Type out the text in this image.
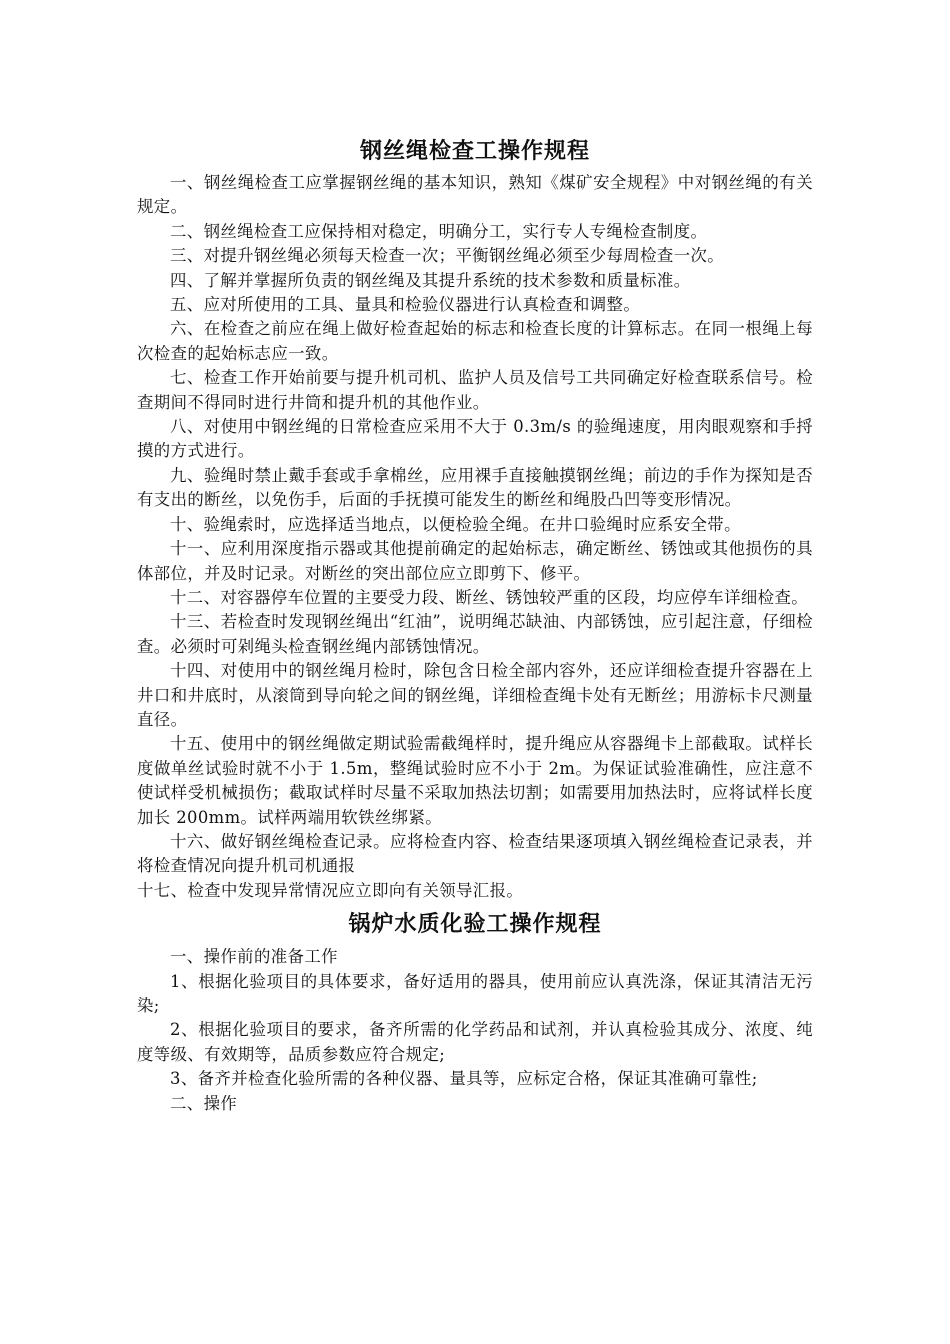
钢丝绳检查工操作规程

一、钢丝绳检查工应掌握钢丝绳的基本知识，熟知《煤矿安全规程》中对钢丝绳的有关规定。

二、钢丝绳检查工应保持相对稳定，明确分工，实行专人专绳检查制度。

三、对提升钢丝绳必须每天检查一次；平衡钢丝绳必须至少每周检查一次。

四、了解并掌握所负责的钢丝绳及其提升系统的技术参数和质量标准。

五、应对所使用的工具、量具和检验仪器进行认真检查和调整。

六、在检查之前应在绳上做好检查起始的标志和检查长度的计算标志。在同一根绳上每次检查的起始标志应一致。

七、检查工作开始前要与提升机司机、监护人员及信号工共同确定好检查联系信号。检查期间不得同时进行井筒和提升机的其他作业。

八、对使用中钢丝绳的日常检查应采用不大于 0.3m/s 的验绳速度，用肉眼观察和手捋摸的方式进行。

九、验绳时禁止戴手套或手拿棉丝，应用裸手直接触摸钢丝绳；前边的手作为探知是否有支出的断丝，以免伤手，后面的手抚摸可能发生的断丝和绳股凸凹等变形情况。

十、验绳索时，应选择适当地点，以便检验全绳。在井口验绳时应系安全带。

十一、应利用深度指示器或其他提前确定的起始标志，确定断丝、锈蚀或其他损伤的具体部位，并及时记录。对断丝的突出部位应立即剪下、修平。

十二、对容器停车位置的主要受力段、断丝、锈蚀较严重的区段，均应停车详细检查。

十三、若检查时发现钢丝绳出“红油”，说明绳芯缺油、内部锈蚀，应引起注意，仔细检查。必须时可剁绳头检查钢丝绳内部锈蚀情况。

十四、对使用中的钢丝绳月检时，除包含日检全部内容外，还应详细检查提升容器在上井口和井底时，从滚筒到导向轮之间的钢丝绳，详细检查绳卡处有无断丝；用游标卡尺测量直径。

十五、使用中的钢丝绳做定期试验需截绳样时，提升绳应从容器绳卡上部截取。试样长度做单丝试验时就不小于 1.5m，整绳试验时应不小于 2m。为保证试验准确性，应注意不使试样受机械损伤；截取试样时尽量不采取加热法切割；如需要用加热法时，应将试样长度加长 200mm。试样两端用软铁丝绑紧。

十六、做好钢丝绳检查记录。应将检查内容、检查结果逐项填入钢丝绳检查记录表，并将检查情况向提升机司机通报

十七、检查中发现异常情况应立即向有关领导汇报。

锅炉水质化验工操作规程

一、操作前的准备工作

1、根据化验项目的具体要求，备好适用的器具，使用前应认真洗涤，保证其清洁无污染;

2、根据化验项目的要求，备齐所需的化学药品和试剂，并认真检验其成分、浓度、纯度等级、有效期等，品质参数应符合规定;

3、备齐并检查化验所需的各种仪器、量具等，应标定合格，保证其准确可靠性;

二、操作
